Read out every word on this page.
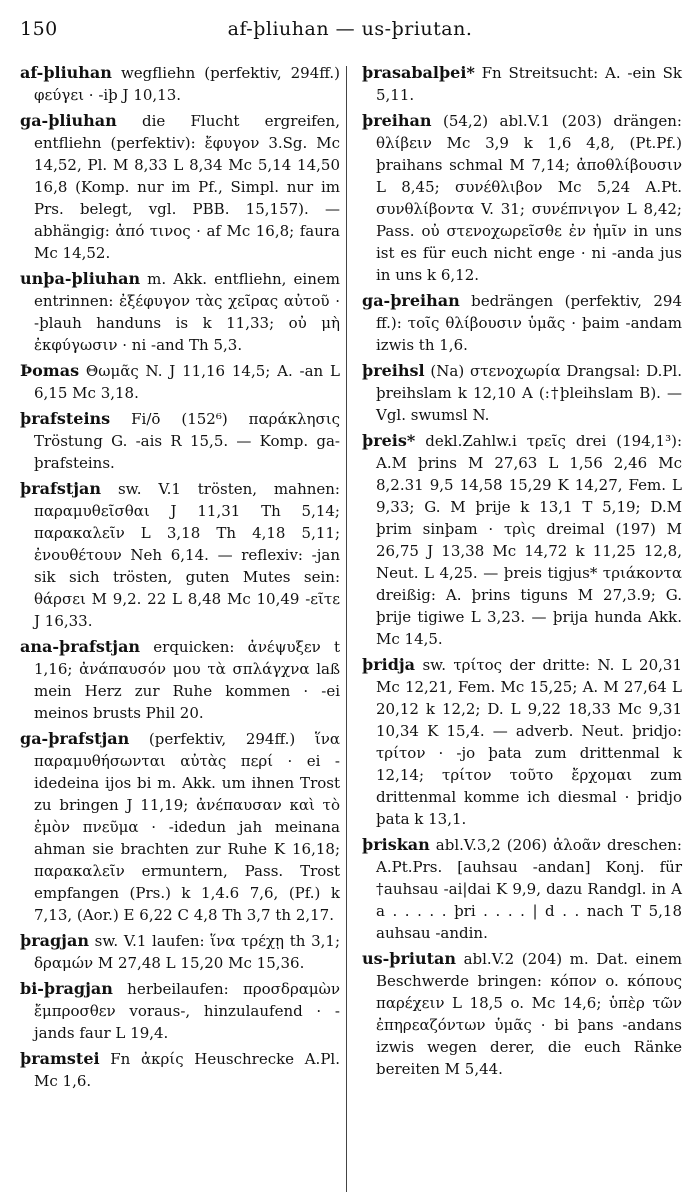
150	af-þliuhan — us-þriutan.

af-þliuhan wegfliehn (perfektiv, 294ff.) φεύγει · -iþ J 10,13.

ga-þliuhan die Flucht ergreifen, entfliehn (perfektiv): ἔφυγον 3.Sg. Mc 14,52, Pl. M 8,33 L 8,34 Mc 5,14 14,50 16,8 (Komp. nur im Pf., Simpl. nur im Prs. belegt, vgl. PBB. 15,157). — abhängig: ἀπό τινος · af Mc 16,8; faura Mc 14,52.

unþa-þliuhan m. Akk. entfliehn, einem entrinnen: ἐξέφυγον τὰς χεῖρας αὐτοῦ · -þlauh handuns is k 11,33; οὐ μὴ ἐκφύγωσιν · ni -and Th 5,3.

Þomas Θωμᾶς N. J 11,16 14,5; A. -an L 6,15 Mc 3,18.

þrafsteins Fi/ō (152⁶) παράκλησις Tröstung G. -ais R 15,5. — Komp. ga-þrafsteins.

þrafstjan sw. V.1 trösten, mahnen: παραμυθεῖσθαι J 11,31 Th 5,14; παρακαλεῖν L 3,18 Th 4,18 5,11; ἐνουθέτουν Neh 6,14. — reflexiv: -jan sik sich trösten, guten Mutes sein: θάρσει M 9,2. 22 L 8,48 Mc 10,49 -εῖτε J 16,33.

ana-þrafstjan erquicken: ἀνέψυξεν t 1,16; ἀνάπαυσόν μου τὰ σπλάγχνα laß mein Herz zur Ruhe kommen · -ei meinos brusts Phil 20.

ga-þrafstjan (perfektiv, 294ff.) ἵνα παραμυθήσωνται αὐτὰς περί · ei -idedeina ijos bi m. Akk. um ihnen Trost zu bringen J 11,19; ἀνέπαυσαν καὶ τὸ ἐμὸν πνεῦμα · -idedun jah meinana ahman sie brachten zur Ruhe K 16,18; παρακαλεῖν ermuntern, Pass. Trost empfangen (Prs.) k 1,4.6 7,6, (Pf.) k 7,13, (Aor.) E 6,22 C 4,8 Th 3,7 th 2,17.

þragjan sw. V.1 laufen: ἵνα τρέχῃ th 3,1; δραμών M 27,48 L 15,20 Mc 15,36.

bi-þragjan herbeilaufen: προσδραμὼν ἔμπροσθεν voraus-, hinzulaufend · -jands faur L 19,4.

þramstei Fn ἀκρίς Heuschrecke A.Pl. Mc 1,6.

þrasabalþei* Fn Streitsucht: A. -ein Sk 5,11.

þreihan (54,2) abl.V.1 (203) drängen: θλίβειν Mc 3,9 k 1,6 4,8, (Pt.Pf.) þraihans schmal M 7,14; ἀποθλίβουσιν L 8,45; συνέθλιβον Mc 5,24 A.Pt. συνθλίβοντα V. 31; συνέπνιγον L 8,42; Pass. οὐ στενοχωρεῖσθε ἐν ἡμῖν in uns ist es für euch nicht enge · ni -anda jus in uns k 6,12.

ga-þreihan bedrängen (perfektiv, 294 ff.): τοῖς θλίβουσιν ὑμᾶς · þaim -andam izwis th 1,6.

þreihsl (Na) στενοχωρία Drangsal: D.Pl. þreihslam k 12,10 A (:†þleihslam B). — Vgl. swumsl N.

þreis* dekl.Zahlw.i τρεῖς drei (194,1³): A.M þrins M 27,63 L 1,56 2,46 Mc 8,2.31 9,5 14,58 15,29 K 14,27, Fem. L 9,33; G. M þrije k 13,1 T 5,19; D.M þrim sinþam · τρὶς dreimal (197) M 26,75 J 13,38 Mc 14,72 k 11,25 12,8, Neut. L 4,25. — þreis tigjus* τριάκοντα dreißig: A. þrins tiguns M 27,3.9; G. þrije tigiwe L 3,23. — þrija hunda Akk. Mc 14,5.

þridja sw. τρίτος der dritte: N. L 20,31 Mc 12,21, Fem. Mc 15,25; A. M 27,64 L 20,12 k 12,2; D. L 9,22 18,33 Mc 9,31 10,34 K 15,4. — adverb. Neut. þridjo: τρίτον · -jo þata zum drittenmal k 12,14; τρίτον τοῦτο ἔρχομαι zum drittenmal komme ich diesmal · þridjo þata k 13,1.

þriskan abl.V.3,2 (206) ἀλοᾶν dreschen: A.Pt.Prs. [auhsau -andan] Konj. für †auhsau -ai|dai K 9,9, dazu Randgl. in A a . . . . . þri . . . . | d . . nach T 5,18 auhsau -andin.

us-þriutan abl.V.2 (204) m. Dat. einem Beschwerde bringen: κόπον o. κόπους παρέχειν L 18,5 o. Mc 14,6; ὑπὲρ τῶν ἐπηρεαζόντων ὑμᾶς · bi þans -andans izwis wegen derer, die euch Ränke bereiten M 5,44.
